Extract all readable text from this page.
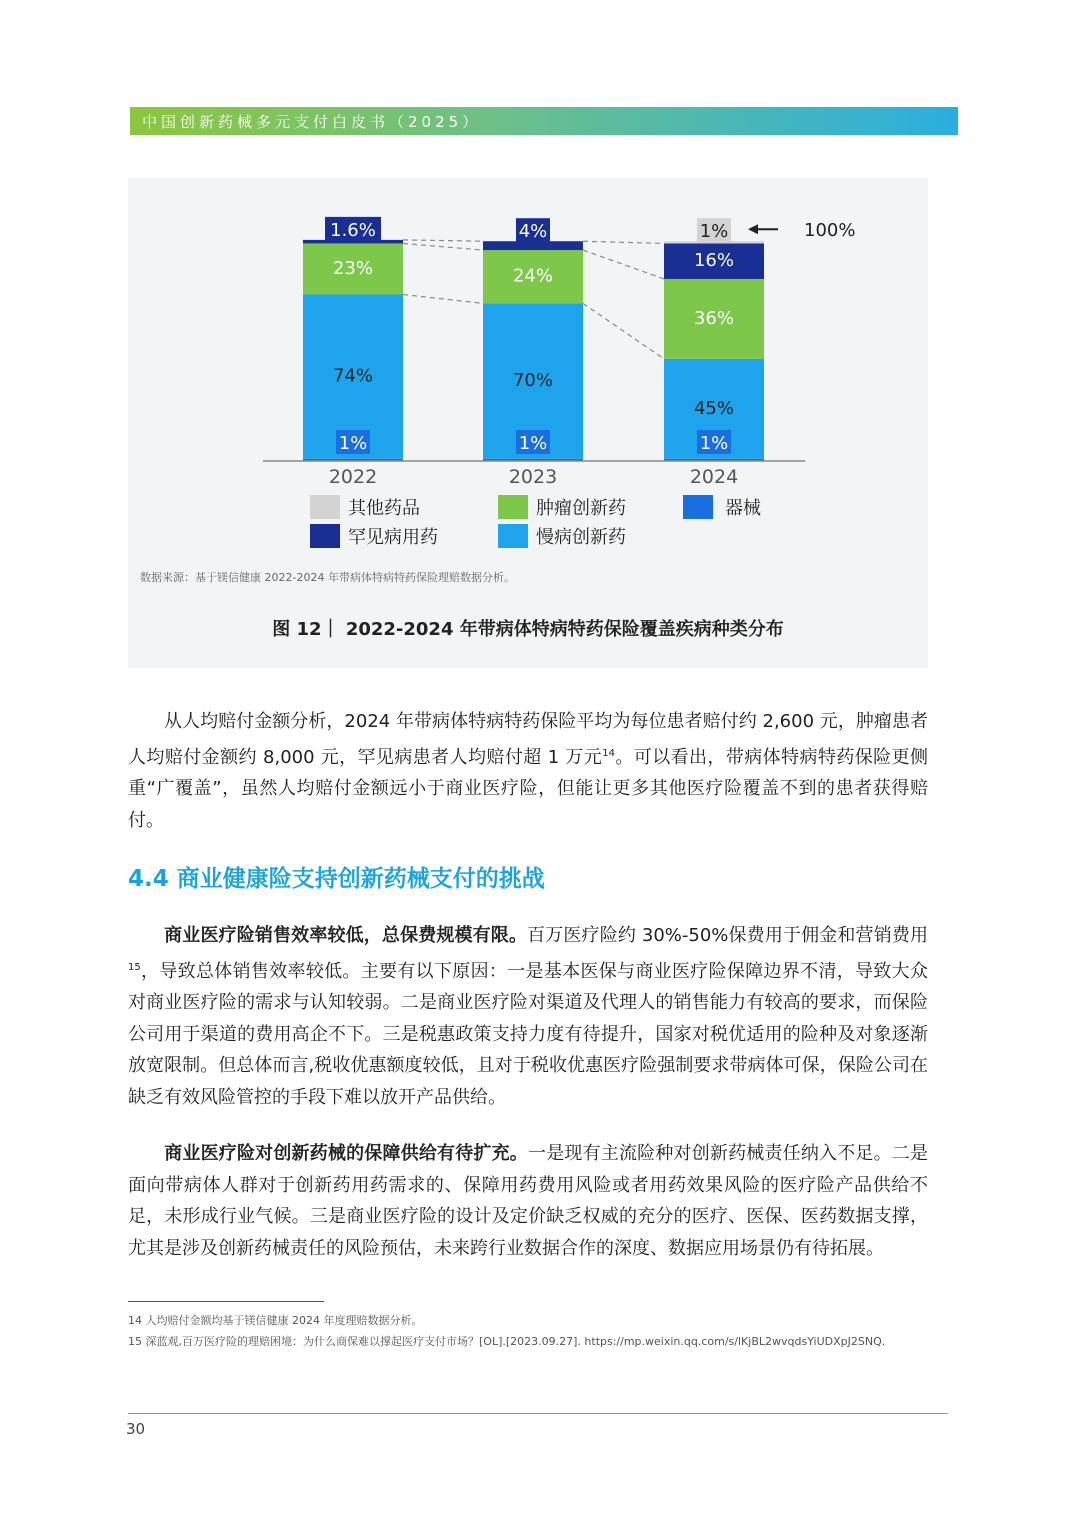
中国创新药械多元支付白皮书（2025）
2022	2023	2024
1%	1%	1%
74%	70%
45%
23%	24%
36%
1.6%	4%
16%
1%	100%
其他药品	肿瘤创新药	器械
罕见病用药	慢病创新药
数据来源：基于镁信健康 2022-2024 年带病体特病特药保险理赔数据分析。
图 12｜ 2022-2024 年带病体特病特药保险覆盖疾病种类分布

从人均赔付金额分析，2024 年带病体特病特药保险平均为每位患者赔付约 2,600 元，肿瘤患者人均赔付金额约 8,000 元，罕见病患者人均赔付超 1 万元$^{14}$。可以看出，带病体特病特药保险更侧重“广覆盖”，虽然人均赔付金额远小于商业医疗险，但能让更多其他医疗险覆盖不到的患者获得赔付。

4.4 商业健康险支持创新药械支付的挑战

商业医疗险销售效率较低，总保费规模有限。百万医疗险约 30%-50%保费用于佣金和营销费用$^{15}$，导致总体销售效率较低。主要有以下原因：一是基本医保与商业医疗险保障边界不清，导致大众对商业医疗险的需求与认知较弱。二是商业医疗险对渠道及代理人的销售能力有较高的要求，而保险公司用于渠道的费用高企不下。三是税惠政策支持力度有待提升，国家对税优适用的险种及对象逐渐放宽限制。但总体而言,税收优惠额度较低，且对于税收优惠医疗险强制要求带病体可保，保险公司在缺乏有效风险管控的手段下难以放开产品供给。

商业医疗险对创新药械的保障供给有待扩充。一是现有主流险种对创新药械责任纳入不足。二是面向带病体人群对于创新药用药需求的、保障用药费用风险或者用药效果风险的医疗险产品供给不足，未形成行业气候。三是商业医疗险的设计及定价缺乏权威的充分的医疗、医保、医药数据支撑，尤其是涉及创新药械责任的风险预估，未来跨行业数据合作的深度、数据应用场景仍有待拓展。

14 人均赔付金额均基于镁信健康 2024 年度理赔数据分析。
15 深蓝观,百万医疗险的理赔困境：为什么商保难以撑起医疗支付市场？[OL].[2023.09.27]. https://mp.weixin.qq.com/s/lKjBL2wvqdsYiUDXpJ2SNQ.
30
